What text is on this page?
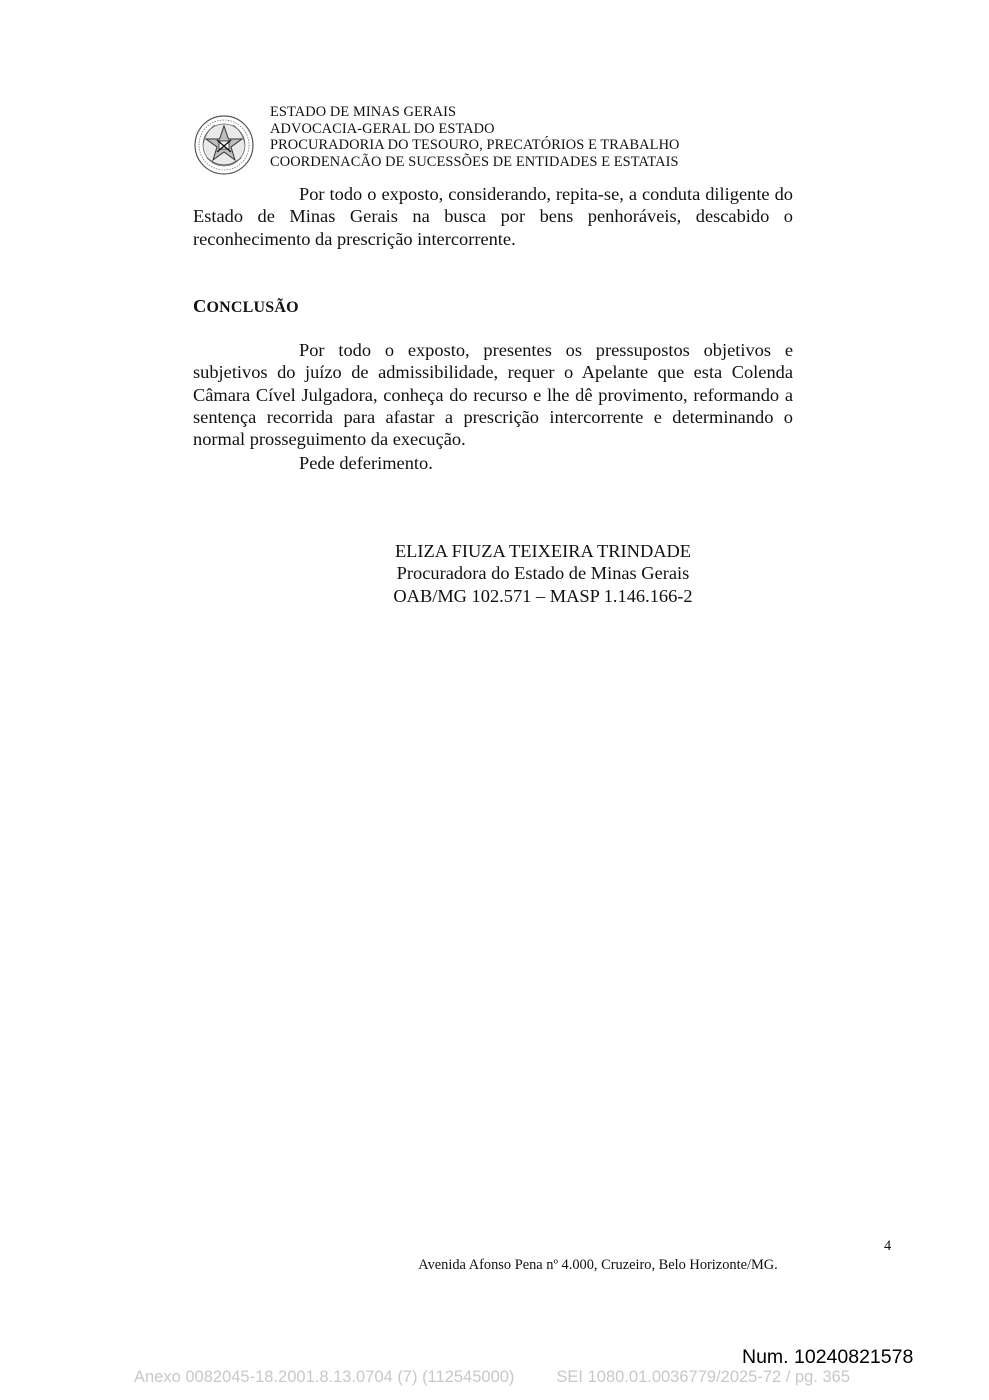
ESTADO DE MINAS GERAIS
ADVOCACIA-GERAL DO ESTADO
PROCURADORIA DO TESOURO, PRECATÓRIOS E TRABALHO
COORDENACÃO DE SUCESSÕES DE ENTIDADES E ESTATAIS
Por todo o exposto, considerando, repita-se, a conduta diligente do Estado de Minas Gerais na busca por bens penhoráveis, descabido o reconhecimento da prescrição intercorrente.
CONCLUSÃO
Por todo o exposto, presentes os pressupostos objetivos e subjetivos do juízo de admissibilidade, requer o Apelante que esta Colenda Câmara Cível Julgadora, conheça do recurso e lhe dê provimento, reformando a sentença recorrida para afastar a prescrição intercorrente e determinando o normal prosseguimento da execução.
Pede deferimento.
ELIZA FIUZA TEIXEIRA TRINDADE
Procuradora do Estado de Minas Gerais
OAB/MG 102.571 – MASP 1.146.166-2
4
Avenida Afonso Pena nº 4.000, Cruzeiro, Belo Horizonte/MG.
Num. 10240821578
Anexo 0082045-18.2001.8.13.0704 (7) (112545000)	SEI 1080.01.0036779/2025-72 / pg. 365
